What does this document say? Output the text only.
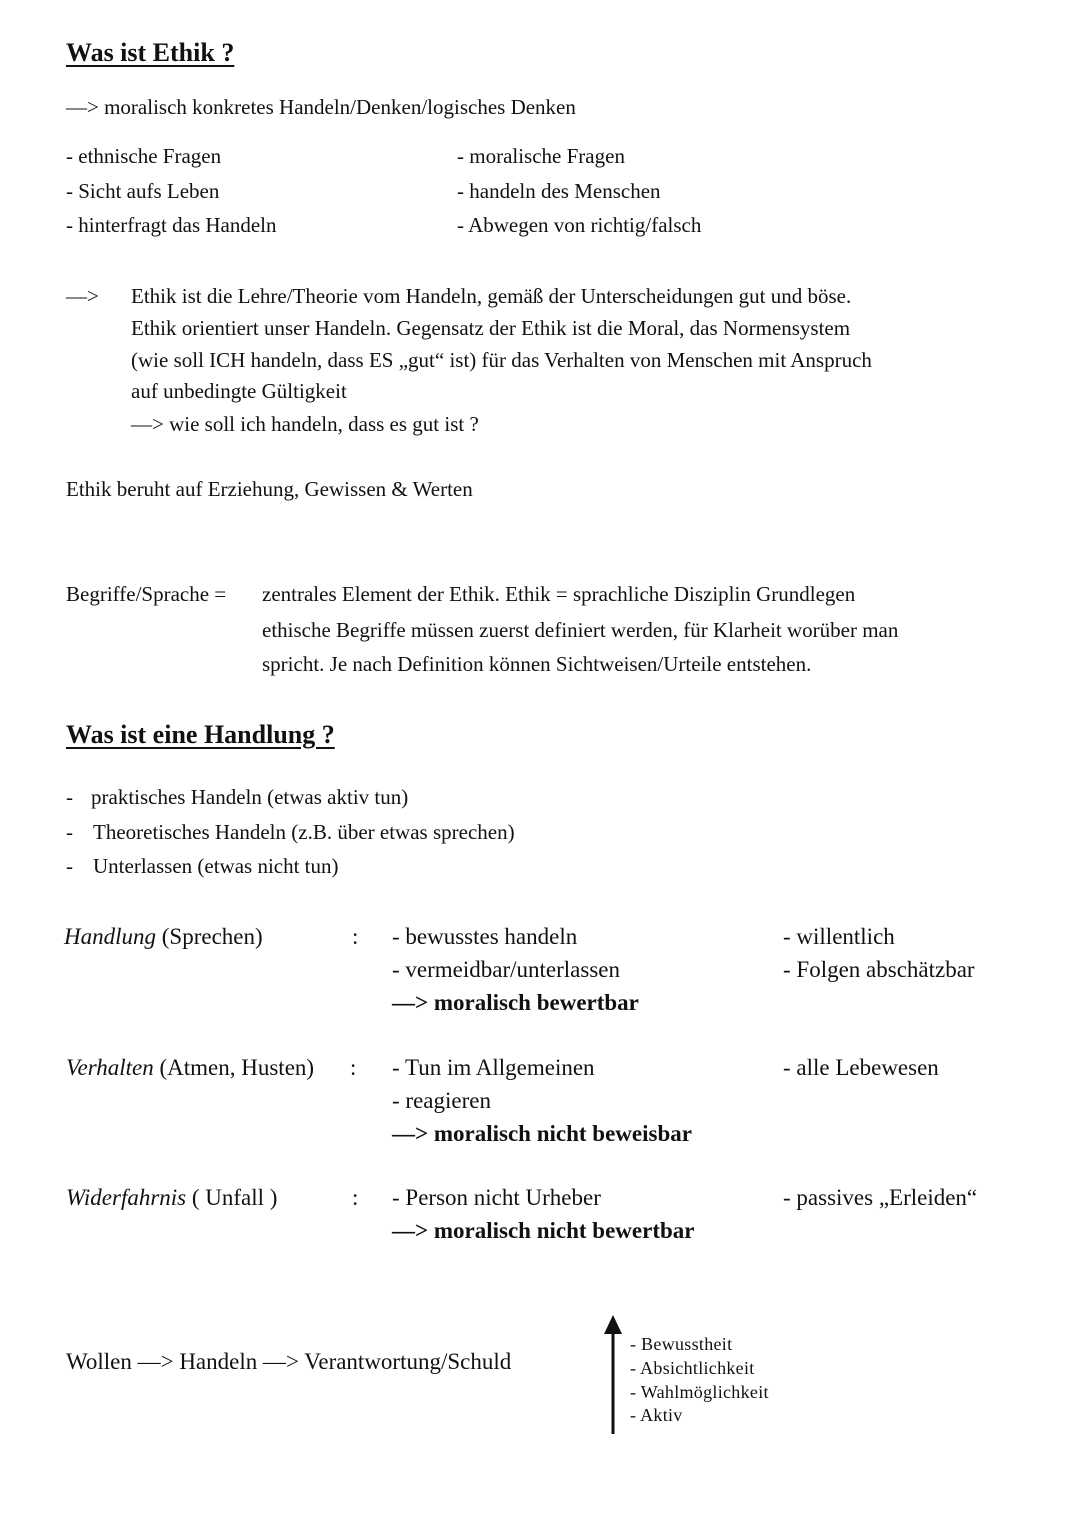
Was ist Ethik ?
—> moralisch konkretes Handeln/Denken/logisches Denken
- ethnische Fragen
- Sicht aufs Leben
- hinterfragt das Handeln
- moralische Fragen
- handeln des Menschen
- Abwegen von richtig/falsch
—> Ethik ist die Lehre/Theorie vom Handeln, gemäß der Unterscheidungen gut und böse.
Ethik orientiert unser Handeln. Gegensatz der Ethik ist die Moral, das Normensystem
(wie soll ICH handeln, dass ES „gut“ ist) für das Verhalten von Menschen mit Anspruch
auf unbedingte Gültigkeit
—> wie soll ich handeln, dass es gut ist ?
Ethik beruht auf Erziehung, Gewissen & Werten
Begriffe/Sprache = zentrales Element der Ethik. Ethik = sprachliche Disziplin Grundlegen
ethische Begriffe müssen zuerst definiert werden, für Klarheit worüber man
spricht. Je nach Definition können Sichtweisen/Urteile entstehen.
Was ist eine Handlung ?
- praktisches Handeln (etwas aktiv tun)
- Theoretisches Handeln (z.B. über etwas sprechen)
- Unterlassen (etwas nicht tun)
Handlung (Sprechen)	: - bewusstes handeln
- vermeidbar/unterlassen
—> moralisch bewertbar
- willentlich
- Folgen abschätzbar
Verhalten (Atmen, Husten) : - Tun im Allgemeinen
- reagieren
—> moralisch nicht beweisbar
- alle Lebewesen
Widerfahrnis ( Unfall )	: - Person nicht Urheber
—> moralisch nicht bewertbar
- passives „Erleiden“
Wollen —> Handeln —> Verantwortung/Schuld
- Bewusstheit
- Absichtlichkeit
- Wahlmöglichkeit
- Aktiv
